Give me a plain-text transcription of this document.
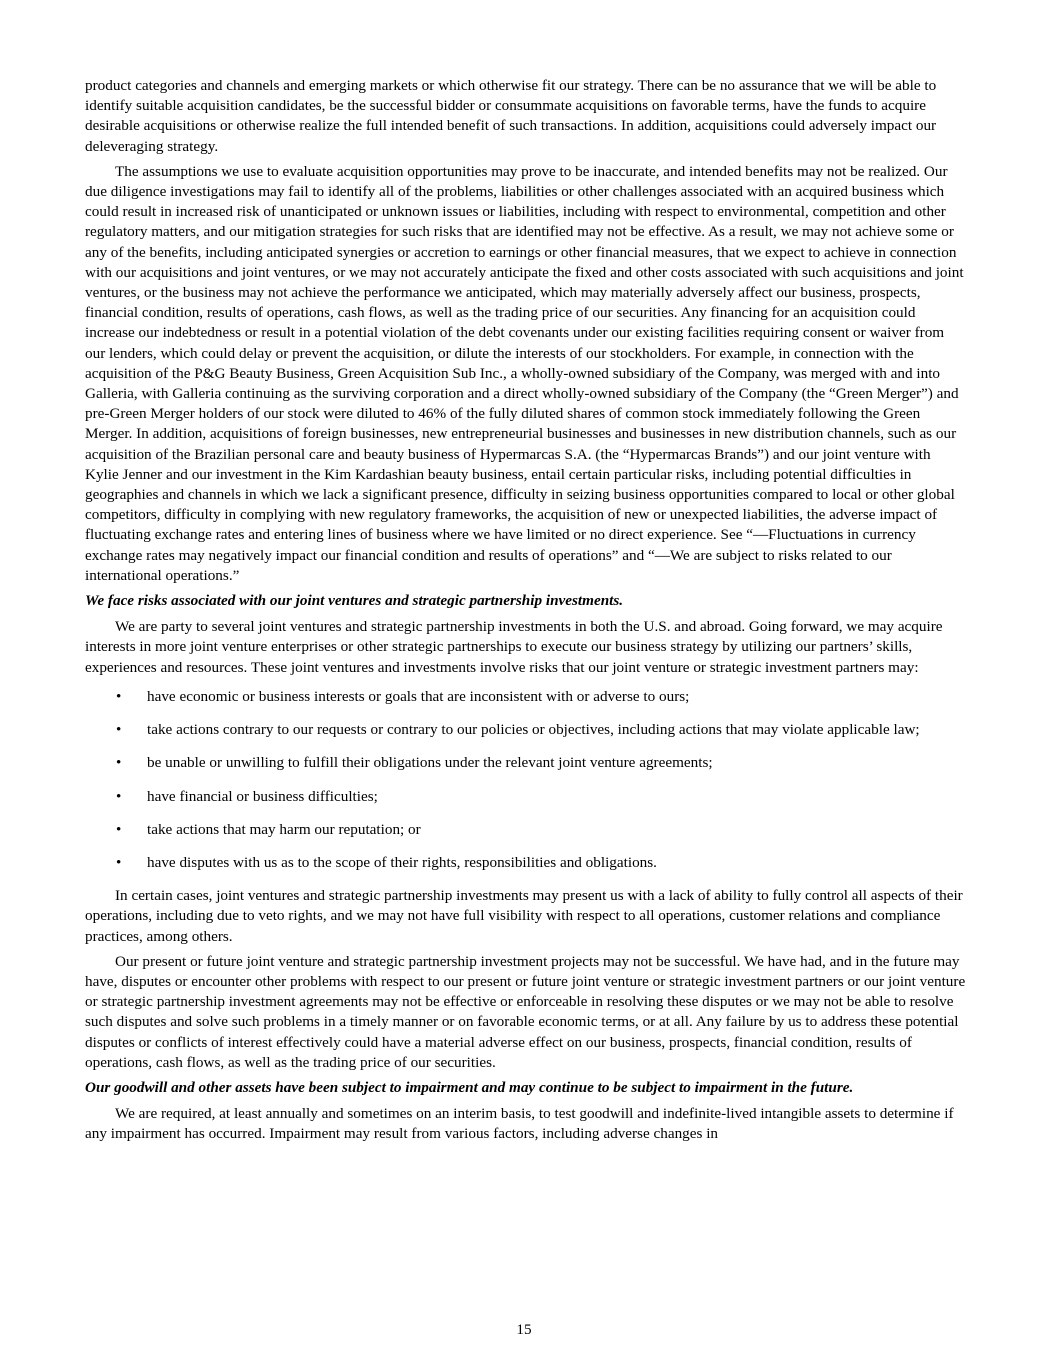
product categories and channels and emerging markets or which otherwise fit our strategy. There can be no assurance that we will be able to identify suitable acquisition candidates, be the successful bidder or consummate acquisitions on favorable terms, have the funds to acquire desirable acquisitions or otherwise realize the full intended benefit of such transactions. In addition, acquisitions could adversely impact our deleveraging strategy.

The assumptions we use to evaluate acquisition opportunities may prove to be inaccurate, and intended benefits may not be realized. Our due diligence investigations may fail to identify all of the problems, liabilities or other challenges associated with an acquired business which could result in increased risk of unanticipated or unknown issues or liabilities, including with respect to environmental, competition and other regulatory matters, and our mitigation strategies for such risks that are identified may not be effective. As a result, we may not achieve some or any of the benefits, including anticipated synergies or accretion to earnings or other financial measures, that we expect to achieve in connection with our acquisitions and joint ventures, or we may not accurately anticipate the fixed and other costs associated with such acquisitions and joint ventures, or the business may not achieve the performance we anticipated, which may materially adversely affect our business, prospects, financial condition, results of operations, cash flows, as well as the trading price of our securities. Any financing for an acquisition could increase our indebtedness or result in a potential violation of the debt covenants under our existing facilities requiring consent or waiver from our lenders, which could delay or prevent the acquisition, or dilute the interests of our stockholders. For example, in connection with the acquisition of the P&G Beauty Business, Green Acquisition Sub Inc., a wholly-owned subsidiary of the Company, was merged with and into Galleria, with Galleria continuing as the surviving corporation and a direct wholly-owned subsidiary of the Company (the “Green Merger”) and pre-Green Merger holders of our stock were diluted to 46% of the fully diluted shares of common stock immediately following the Green Merger. In addition, acquisitions of foreign businesses, new entrepreneurial businesses and businesses in new distribution channels, such as our acquisition of the Brazilian personal care and beauty business of Hypermarcas S.A. (the “Hypermarcas Brands”) and our joint venture with Kylie Jenner and our investment in the Kim Kardashian beauty business, entail certain particular risks, including potential difficulties in geographies and channels in which we lack a significant presence, difficulty in seizing business opportunities compared to local or other global competitors, difficulty in complying with new regulatory frameworks, the acquisition of new or unexpected liabilities, the adverse impact of fluctuating exchange rates and entering lines of business where we have limited or no direct experience. See “—Fluctuations in currency exchange rates may negatively impact our financial condition and results of operations” and “—We are subject to risks related to our international operations.”

We face risks associated with our joint ventures and strategic partnership investments.

We are party to several joint ventures and strategic partnership investments in both the U.S. and abroad. Going forward, we may acquire interests in more joint venture enterprises or other strategic partnerships to execute our business strategy by utilizing our partners’ skills, experiences and resources. These joint ventures and investments involve risks that our joint venture or strategic investment partners may:

• have economic or business interests or goals that are inconsistent with or adverse to ours;
• take actions contrary to our requests or contrary to our policies or objectives, including actions that may violate applicable law;
• be unable or unwilling to fulfill their obligations under the relevant joint venture agreements;
• have financial or business difficulties;
• take actions that may harm our reputation; or
• have disputes with us as to the scope of their rights, responsibilities and obligations.

In certain cases, joint ventures and strategic partnership investments may present us with a lack of ability to fully control all aspects of their operations, including due to veto rights, and we may not have full visibility with respect to all operations, customer relations and compliance practices, among others.

Our present or future joint venture and strategic partnership investment projects may not be successful. We have had, and in the future may have, disputes or encounter other problems with respect to our present or future joint venture or strategic investment partners or our joint venture or strategic partnership investment agreements may not be effective or enforceable in resolving these disputes or we may not be able to resolve such disputes and solve such problems in a timely manner or on favorable economic terms, or at all. Any failure by us to address these potential disputes or conflicts of interest effectively could have a material adverse effect on our business, prospects, financial condition, results of operations, cash flows, as well as the trading price of our securities.

Our goodwill and other assets have been subject to impairment and may continue to be subject to impairment in the future.

We are required, at least annually and sometimes on an interim basis, to test goodwill and indefinite-lived intangible assets to determine if any impairment has occurred. Impairment may result from various factors, including adverse changes in

15
